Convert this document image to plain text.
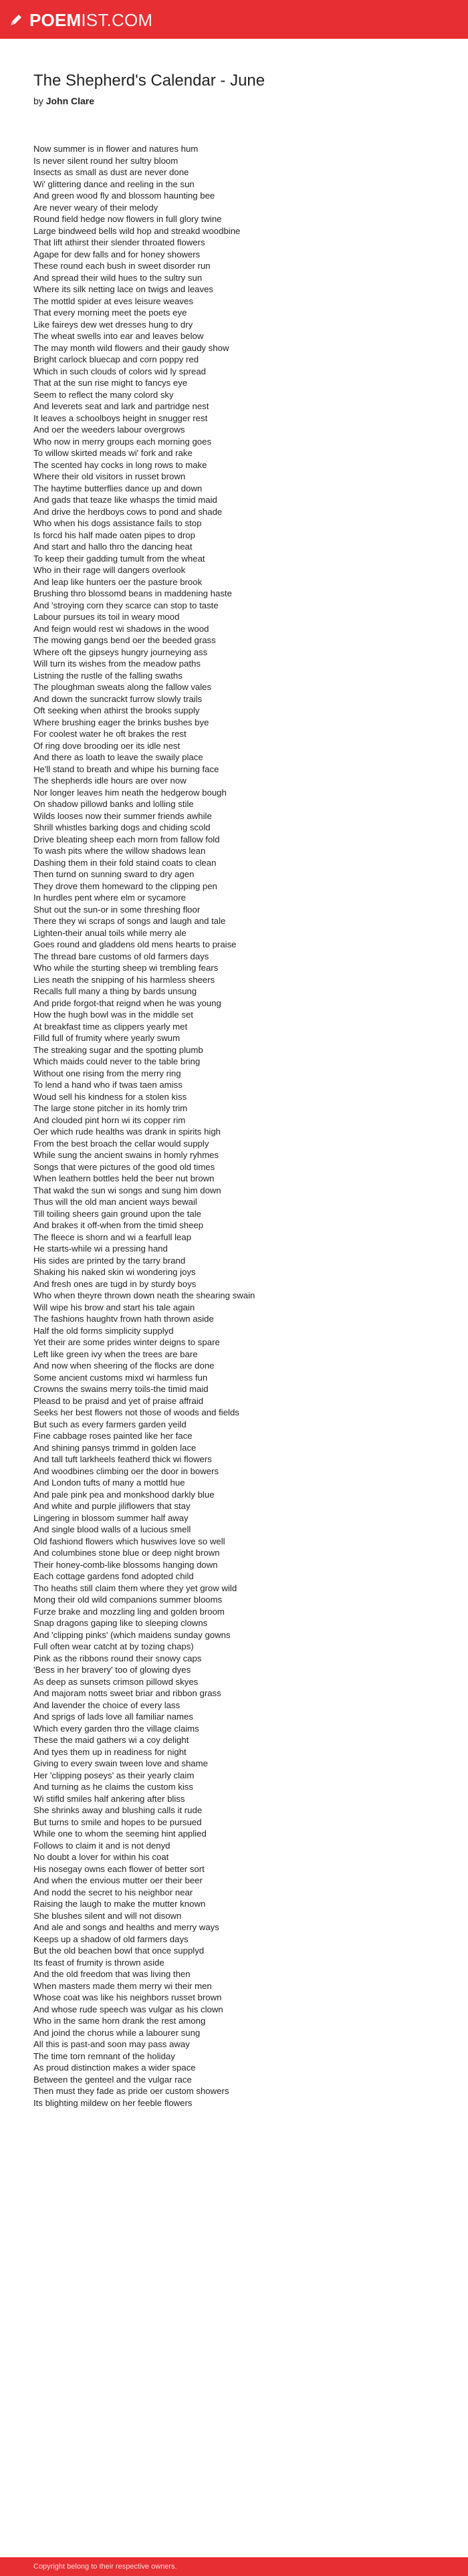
POEMIST.COM
The Shepherd's Calendar - June
by John Clare
Now summer is in flower and natures hum
Is never silent round her sultry bloom
Insects as small as dust are never done
Wi' glittering dance and reeling in the sun
And green wood fly and blossom haunting bee
Are never weary of their melody
Round field hedge now flowers in full glory twine
Large bindweed bells wild hop and streakd woodbine
That lift athirst their slender throated flowers
Agape for dew falls and for honey showers
These round each bush in sweet disorder run
And spread their wild hues to the sultry sun
Where its silk netting lace on twigs and leaves
The mottld spider at eves leisure weaves
That every morning meet the poets eye
Like faireys dew wet dresses hung to dry
The wheat swells into ear and leaves below
The may month wild flowers and their gaudy show
Bright carlock bluecap and corn poppy red
Which in such clouds of colors wid ly spread
That at the sun rise might to fancys eye
Seem to reflect the many colord sky
And leverets seat and lark and partridge nest
It leaves a schoolboys height in snugger rest
And oer the weeders labour overgrows
Who now in merry groups each morning goes
To willow skirted meads wi' fork and rake
The scented hay cocks in long rows to make
Where their old visitors in russet brown
The haytime butterflies dance up and down
And gads that teaze like whasps the timid maid
And drive the herdboys cows to pond and shade
Who when his dogs assistance fails to stop
Is forcd his half made oaten pipes to drop
And start and hallo thro the dancing heat
To keep their gadding tumult from the wheat
Who in their rage will dangers overlook
And leap like hunters oer the pasture brook
Brushing thro blossomd beans in maddening haste
And 'stroying corn they scarce can stop to taste
Labour pursues its toil in weary mood
And feign would rest wi shadows in the wood
The mowing gangs bend oer the beeded grass
Where oft the gipseys hungry journeying ass
Will turn its wishes from the meadow paths
Listning the rustle of the falling swaths
The ploughman sweats along the fallow vales
And down the suncrackt furrow slowly trails
Oft seeking when athirst the brooks supply
Where brushing eager the brinks bushes bye
For coolest water he oft brakes the rest
Of ring dove brooding oer its idle nest
And there as loath to leave the swaily place
He'll stand to breath and whipe his burning face
The shepherds idle hours are over now
Nor longer leaves him neath the hedgerow bough
On shadow pillowd banks and lolling stile
Wilds looses now their summer friends awhile
Shrill whistles barking dogs and chiding scold
Drive bleating sheep each morn from fallow fold
To wash pits where the willow shadows lean
Dashing them in their fold staind coats to clean
Then turnd on sunning sward to dry agen
They drove them homeward to the clipping pen
In hurdles pent where elm or sycamore
Shut out the sun-or in some threshing floor
There they wi scraps of songs and laugh and tale
Lighten-their anual toils while merry ale
Goes round and gladdens old mens hearts to praise
The thread bare customs of old farmers days
Who while the sturting sheep wi trembling fears
Lies neath the snipping of his harmless sheers
Recalls full many a thing by bards unsung
And pride forgot-that reignd when he was young
How the hugh bowl was in the middle set
At breakfast time as clippers yearly met
Filld full of frumity where yearly swum
The streaking sugar and the spotting plumb
Which maids could never to the table bring
Without one rising from the merry ring
To lend a hand who if twas taen amiss
Woud sell his kindness for a stolen kiss
The large stone pitcher in its homly trim
And clouded pint horn wi its copper rim
Oer which rude healths was drank in spirits high
From the best broach the cellar would supply
While sung the ancient swains in homly ryhmes
Songs that were pictures of the good old times
When leathern bottles held the beer nut brown
That wakd the sun wi songs and sung him down
Thus will the old man ancient ways bewail
Till toiling sheers gain ground upon the tale
And brakes it off-when from the timid sheep
The fleece is shorn and wi a fearfull leap
He starts-while wi a pressing hand
His sides are printed by the tarry brand
Shaking his naked skin wi wondering joys
And fresh ones are tugd in by sturdy boys
Who when theyre thrown down neath the shearing swain
Will wipe his brow and start his tale again
The fashions haughtv frown hath thrown aside
Half the old forms simplicity supplyd
Yet their are some prides winter deigns to spare
Left like green ivy when the trees are bare
And now when sheering of the flocks are done
Some ancient customs mixd wi harmless fun
Crowns the swains merry toils-the timid maid
Pleasd to be praisd and yet of praise affraid
Seeks her best flowers not those of woods and fields
But such as every farmers garden yeild
Fine cabbage roses painted like her face
And shining pansys trimmd in golden lace
And tall tuft larkheels featherd thick wi flowers
And woodbines climbing oer the door in bowers
And London tufts of many a mottld hue
And pale pink pea and monkshood darkly blue
And white and purple jiliflowers that stay
Lingering in blossom summer half away
And single blood walls of a lucious smell
Old fashiond flowers which huswives love so well
And columbines stone blue or deep night brown
Their honey-comb-like blossoms hanging down
Each cottage gardens fond adopted child
Tho heaths still claim them where they yet grow wild
Mong their old wild companions summer blooms
Furze brake and mozzling ling and golden broom
Snap dragons gaping like to sleeping clowns
And 'clipping pinks' (which maidens sunday gowns
Full often wear catcht at by tozing chaps)
Pink as the ribbons round their snowy caps
'Bess in her bravery' too of glowing dyes
As deep as sunsets crimson pillowd skyes
And majoram notts sweet briar and ribbon grass
And lavender the choice of every lass
And sprigs of lads love all familiar names
Which every garden thro the village claims
These the maid gathers wi a coy delight
And tyes them up in readiness for night
Giving to every swain tween love and shame
Her 'clipping poseys' as their yearly claim
And turning as he claims the custom kiss
Wi stifld smiles half ankering after bliss
She shrinks away and blushing calls it rude
But turns to smile and hopes to be pursued
While one to whom the seeming hint applied
Follows to claim it and is not denyd
No doubt a lover for within his coat
His nosegay owns each flower of better sort
And when the envious mutter oer their beer
And nodd the secret to his neighbor near
Raising the laugh to make the mutter known
She blushes silent and will not disown
And ale and songs and healths and merry ways
Keeps up a shadow of old farmers days
But the old beachen bowl that once supplyd
Its feast of frumity is thrown aside
And the old freedom that was living then
When masters made them merry wi their men
Whose coat was like his neighbors russet brown
And whose rude speech was vulgar as his clown
Who in the same horn drank the rest among
And joind the chorus while a labourer sung
All this is past-and soon may pass away
The time torn remnant of the holiday
As proud distinction makes a wider space
Between the genteel and the vulgar race
Then must they fade as pride oer custom showers
Its blighting mildew on her feeble flowers
Copyright belong to their respective owners.
